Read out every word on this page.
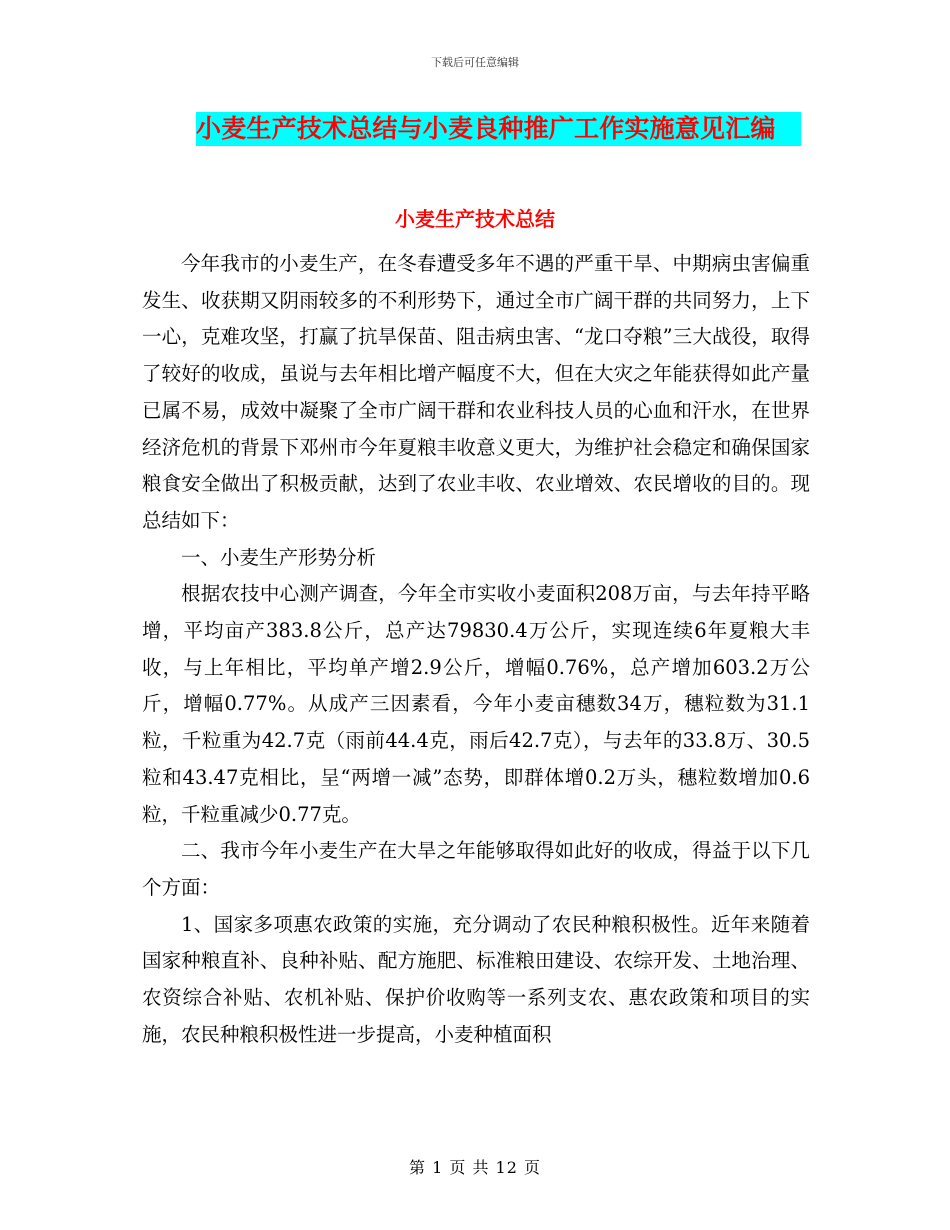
下载后可任意编辑
小麦生产技术总结与小麦良种推广工作实施意见汇编
小麦生产技术总结

今年我市的小麦生产，在冬春遭受多年不遇的严重干旱、中期病虫害偏重发生、收获期又阴雨较多的不利形势下，通过全市广阔干群的共同努力，上下一心，克难攻坚，打赢了抗旱保苗、阻击病虫害、“龙口夺粮”三大战役，取得了较好的收成，虽说与去年相比增产幅度不大，但在大灾之年能获得如此产量已属不易，成效中凝聚了全市广阔干群和农业科技人员的心血和汗水，在世界经济危机的背景下邓州市今年夏粮丰收意义更大，为维护社会稳定和确保国家粮食安全做出了积极贡献，达到了农业丰收、农业增效、农民增收的目的。现总结如下：

一、小麦生产形势分析

根据农技中心测产调查，今年全市实收小麦面积208万亩，与去年持平略增，平均亩产383.8公斤，总产达79830.4万公斤，实现连续6年夏粮大丰收，与上年相比，平均单产增2.9公斤，增幅0.76%，总产增加603.2万公斤，增幅0.77%。从成产三因素看，今年小麦亩穗数34万，穗粒数为31.1粒，千粒重为42.7克（雨前44.4克，雨后42.7克），与去年的33.8万、30.5粒和43.47克相比，呈“两增一减”态势，即群体增0.2万头，穗粒数增加0.6粒，千粒重减少0.77克。

二、我市今年小麦生产在大旱之年能够取得如此好的收成，得益于以下几个方面：

1、国家多项惠农政策的实施，充分调动了农民种粮积极性。近年来随着国家种粮直补、良种补贴、配方施肥、标准粮田建设、农综开发、土地治理、农资综合补贴、农机补贴、保护价收购等一系列支农、惠农政策和项目的实施，农民种粮积极性进一步提高，小麦种植面积

第 1 页 共 12 页
